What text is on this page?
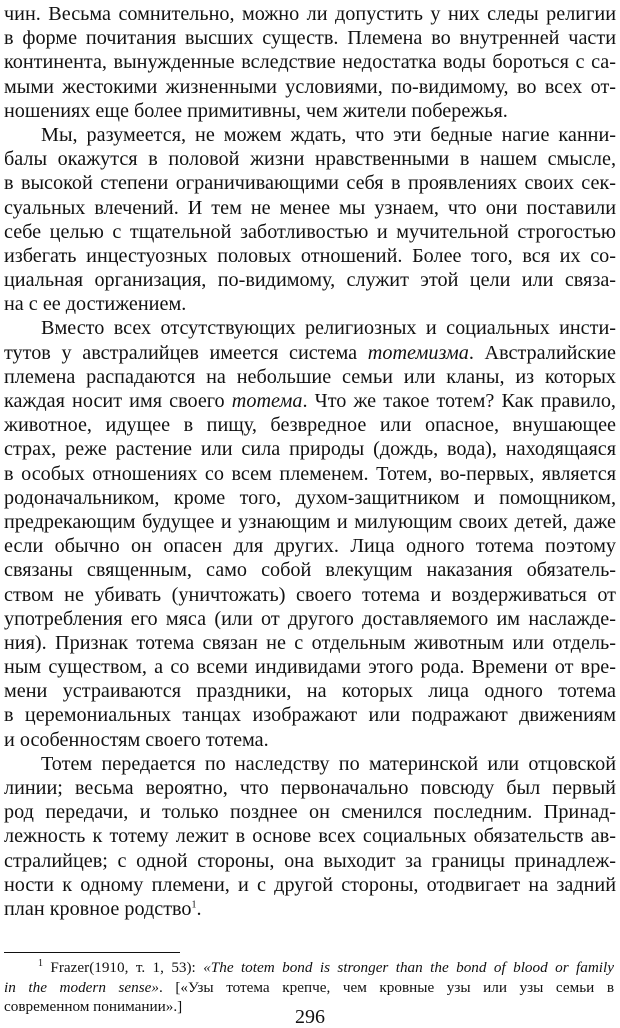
чин. Весьма сомнительно, можно ли допустить у них следы религии
в форме почитания высших существ. Племена во внутренней части
континента, вынужденные вследствие недостатка воды бороться с са-
мыми жестокими жизненными условиями, по-видимому, во всех от-
ношениях еще более примитивны, чем жители побережья.
Мы, разумеется, не можем ждать, что эти бедные нагие канни-
балы окажутся в половой жизни нравственными в нашем смысле,
в высокой степени ограничивающими себя в проявлениях своих сек-
суальных влечений. И тем не менее мы узнаем, что они поставили
себе целью с тщательной заботливостью и мучительной строгостью
избегать инцестуозных половых отношений. Более того, вся их со-
циальная организация, по-видимому, служит этой цели или связа-
на с ее достижением.
Вместо всех отсутствующих религиозных и социальных инсти-
тутов у австралийцев имеется система тотемизма. Австралийские
племена распадаются на небольшие семьи или кланы, из которых
каждая носит имя своего тотема. Что же такое тотем? Как правило,
животное, идущее в пищу, безвредное или опасное, внушающее
страх, реже растение или сила природы (дождь, вода), находящаяся
в особых отношениях со всем племенем. Тотем, во-первых, является
родоначальником, кроме того, духом-защитником и помощником,
предрекающим будущее и узнающим и милующим своих детей, даже
если обычно он опасен для других. Лица одного тотема поэтому
связаны священным, само собой влекущим наказания обязатель-
ством не убивать (уничтожать) своего тотема и воздерживаться от
употребления его мяса (или от другого доставляемого им наслажде-
ния). Признак тотема связан не с отдельным животным или отдель-
ным существом, а со всеми индивидами этого рода. Времени от вре-
мени устраиваются праздники, на которых лица одного тотема
в церемониальных танцах изображают или подражают движениям
и особенностям своего тотема.
Тотем передается по наследству по материнской или отцовской
линии; весьма вероятно, что первоначально повсюду был первый
род передачи, и только позднее он сменился последним. Принад-
лежность к тотему лежит в основе всех социальных обязательств ав-
стралийцев; с одной стороны, она выходит за границы принадлеж-
ности к одному племени, и с другой стороны, отодвигает на задний
план кровное родство$^1$.
$^1$ Frazer(1910, т. 1, 53): «The totem bond is stronger than the bond of blood or family
in the modern sense». [«Узы тотема крепче, чем кровные узы или узы семьи в
современном понимании».]	296
